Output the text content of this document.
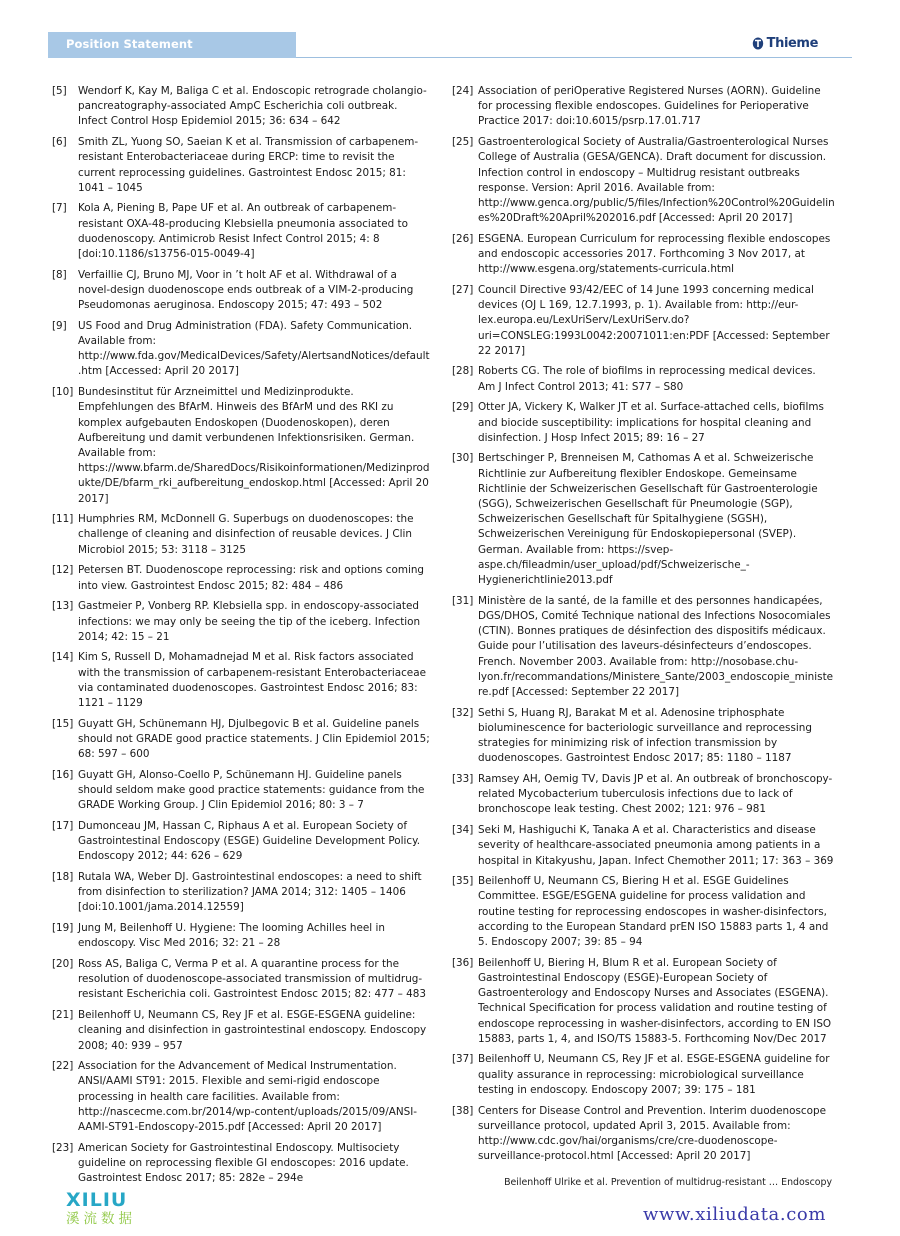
Position Statement	Thieme
[5]	Wendorf K, Kay M, Baliga C et al. Endoscopic retrograde cholangio-pancreatography-associated AmpC Escherichia coli outbreak. Infect Control Hosp Epidemiol 2015; 36: 634 – 642
[6]	Smith ZL, Yuong SO, Saeian K et al. Transmission of carbapenem-resistant Enterobacteriaceae during ERCP: time to revisit the current reprocessing guidelines. Gastrointest Endosc 2015; 81: 1041 – 1045
[7]	Kola A, Piening B, Pape UF et al. An outbreak of carbapenem-resistant OXA-48-producing Klebsiella pneumonia associated to duodenoscopy. Antimicrob Resist Infect Control 2015; 4: 8 [doi:10.1186/s13756-015-0049-4]
[8]	Verfaillie CJ, Bruno MJ, Voor in ’t holt AF et al. Withdrawal of a novel-design duodenoscope ends outbreak of a VIM-2-producing Pseudomonas aeruginosa. Endoscopy 2015; 47: 493 – 502
[9]	US Food and Drug Administration (FDA). Safety Communication. Available from: http://www.fda.gov/MedicalDevices/Safety/AlertsandNotices/default.htm [Accessed: April 20 2017]
[10] Bundesinstitut für Arzneimittel und Medizinprodukte. Empfehlungen des BfArM. Hinweis des BfArM und des RKI zu komplex aufgebauten Endoskopen (Duodenoskopen), deren Aufbereitung und damit verbundenen Infektionsrisiken. German. Available from: https://www.bfarm.de/SharedDocs/Risikoinformationen/Medizinprodukte/DE/bfarm_rki_aufbereitung_endoskop.html [Accessed: April 20 2017]
[11] Humphries RM, McDonnell G. Superbugs on duodenoscopes: the challenge of cleaning and disinfection of reusable devices. J Clin Microbiol 2015; 53: 3118 – 3125
[12] Petersen BT. Duodenoscope reprocessing: risk and options coming into view. Gastrointest Endosc 2015; 82: 484 – 486
[13] Gastmeier P, Vonberg RP. Klebsiella spp. in endoscopy-associated infections: we may only be seeing the tip of the iceberg. Infection 2014; 42: 15 – 21
[14] Kim S, Russell D, Mohamadnejad M et al. Risk factors associated with the transmission of carbapenem-resistant Enterobacteriaceae via contaminated duodenoscopes. Gastrointest Endosc 2016; 83: 1121 – 1129
[15] Guyatt GH, Schünemann HJ, Djulbegovic B et al. Guideline panels should not GRADE good practice statements. J Clin Epidemiol 2015; 68: 597 – 600
[16] Guyatt GH, Alonso-Coello P, Schünemann HJ. Guideline panels should seldom make good practice statements: guidance from the GRADE Working Group. J Clin Epidemiol 2016; 80: 3 – 7
[17] Dumonceau JM, Hassan C, Riphaus A et al. European Society of Gastrointestinal Endoscopy (ESGE) Guideline Development Policy. Endoscopy 2012; 44: 626 – 629
[18] Rutala WA, Weber DJ. Gastrointestinal endoscopes: a need to shift from disinfection to sterilization? JAMA 2014; 312: 1405 – 1406 [doi:10.1001/jama.2014.12559]
[19] Jung M, Beilenhoff U. Hygiene: The looming Achilles heel in endoscopy. Visc Med 2016; 32: 21 – 28
[20] Ross AS, Baliga C, Verma P et al. A quarantine process for the resolution of duodenoscope-associated transmission of multidrug-resistant Escherichia coli. Gastrointest Endosc 2015; 82: 477 – 483
[21] Beilenhoff U, Neumann CS, Rey JF et al. ESGE-ESGENA guideline: cleaning and disinfection in gastrointestinal endoscopy. Endoscopy 2008; 40: 939 – 957
[22] Association for the Advancement of Medical Instrumentation. ANSI/AAMI ST91: 2015. Flexible and semi-rigid endoscope processing in health care facilities. Available from: http://nascecme.com.br/2014/wp-content/uploads/2015/09/ANSI-AAMI-ST91-Endoscopy-2015.pdf [Accessed: April 20 2017]
[23] American Society for Gastrointestinal Endoscopy. Multisociety guideline on reprocessing flexible GI endoscopes: 2016 update. Gastrointest Endosc 2017; 85: 282e – 294e
[24] Association of periOperative Registered Nurses (AORN). Guideline for processing flexible endoscopes. Guidelines for Perioperative Practice 2017: doi:10.6015/psrp.17.01.717
[25] Gastroenterological Society of Australia/Gastroenterological Nurses College of Australia (GESA/GENCA). Draft document for discussion. Infection control in endoscopy – Multidrug resistant outbreaks response. Version: April 2016. Available from: http://www.genca.org/public/5/files/Infection%20Control%20Guidelines%20Draft%20April%202016.pdf [Accessed: April 20 2017]
[26] ESGENA. European Curriculum for reprocessing flexible endoscopes and endoscopic accessories 2017. Forthcoming 3 Nov 2017, at http://www.esgena.org/statements-curricula.html
[27] Council Directive 93/42/EEC of 14 June 1993 concerning medical devices (OJ L 169, 12.7.1993, p. 1). Available from: http://eur-lex.europa.eu/LexUriServ/LexUriServ.do?uri=CONSLEG:1993L0042:20071011:en:PDF [Accessed: September 22 2017]
[28] Roberts CG. The role of biofilms in reprocessing medical devices. Am J Infect Control 2013; 41: S77 – S80
[29] Otter JA, Vickery K, Walker JT et al. Surface-attached cells, biofilms and biocide susceptibility: implications for hospital cleaning and disinfection. J Hosp Infect 2015; 89: 16 – 27
[30] Bertschinger P, Brenneisen M, Cathomas A et al. Schweizerische Richtlinie zur Aufbereitung flexibler Endoskope. Gemeinsame Richtlinie der Schweizerischen Gesellschaft für Gastroenterologie (SGG), Schweizerischen Gesellschaft für Pneumologie (SGP), Schweizerischen Gesellschaft für Spitalhygiene (SGSH), Schweizerischen Vereinigung für Endoskopiepersonal (SVEP). German. Available from: https://svep-aspe.ch/fileadmin/user_upload/pdf/Schweizerische_-Hygienerichtlinie2013.pdf
[31] Ministère de la santé, de la famille et des personnes handicapées, DGS/DHOS, Comité Technique national des Infections Nosocomiales (CTIN). Bonnes pratiques de désinfection des dispositifs médicaux. Guide pour l’utilisation des laveurs-désinfecteurs d’endoscopes. French. November 2003. Available from: http://nosobase.chu-lyon.fr/recommandations/Ministere_Sante/2003_endoscopie_ministere.pdf [Accessed: September 22 2017]
[32] Sethi S, Huang RJ, Barakat M et al. Adenosine triphosphate bioluminescence for bacteriologic surveillance and reprocessing strategies for minimizing risk of infection transmission by duodenoscopes. Gastrointest Endosc 2017; 85: 1180 – 1187
[33] Ramsey AH, Oemig TV, Davis JP et al. An outbreak of bronchoscopy-related Mycobacterium tuberculosis infections due to lack of bronchoscope leak testing. Chest 2002; 121: 976 – 981
[34] Seki M, Hashiguchi K, Tanaka A et al. Characteristics and disease severity of healthcare-associated pneumonia among patients in a hospital in Kitakyushu, Japan. Infect Chemother 2011; 17: 363 – 369
[35] Beilenhoff U, Neumann CS, Biering H et al. ESGE Guidelines Committee. ESGE/ESGENA guideline for process validation and routine testing for reprocessing endoscopes in washer-disinfectors, according to the European Standard prEN ISO 15883 parts 1, 4 and 5. Endoscopy 2007; 39: 85 – 94
[36] Beilenhoff U, Biering H, Blum R et al. European Society of Gastrointestinal Endoscopy (ESGE)-European Society of Gastroenterology and Endoscopy Nurses and Associates (ESGENA). Technical Specification for process validation and routine testing of endoscope reprocessing in washer-disinfectors, according to EN ISO 15883, parts 1, 4, and ISO/TS 15883-5. Forthcoming Nov/Dec 2017
[37] Beilenhoff U, Neumann CS, Rey JF et al. ESGE-ESGENA guideline for quality assurance in reprocessing: microbiological surveillance testing in endoscopy. Endoscopy 2007; 39: 175 – 181
[38] Centers for Disease Control and Prevention. Interim duodenoscope surveillance protocol, updated April 3, 2015. Available from: http://www.cdc.gov/hai/organisms/cre/cre-duodenoscope-surveillance-protocol.html [Accessed: April 20 2017]
Beilenhoff Ulrike et al. Prevention of multidrug-resistant … Endoscopy
XILIU
溪流数据	www.xiliudata.com
